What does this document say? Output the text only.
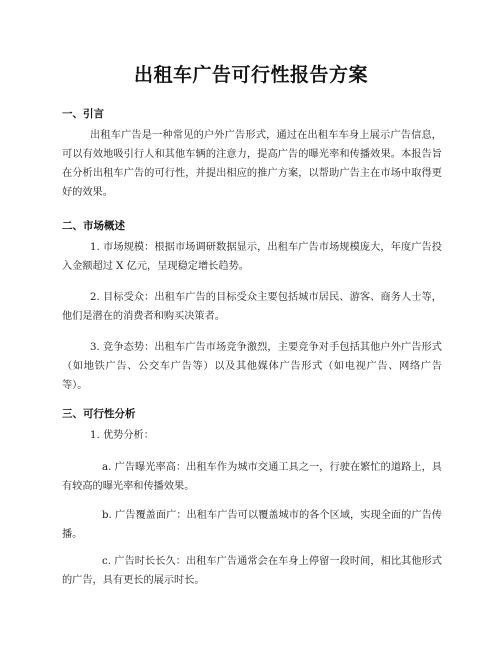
出租车广告可行性报告方案
一、引言
出租车广告是一种常见的户外广告形式，通过在出租车车身上展示广告信息，可以有效地吸引行人和其他车辆的注意力，提高广告的曝光率和传播效果。本报告旨在分析出租车广告的可行性，并提出相应的推广方案，以帮助广告主在市场中取得更好的效果。
二、市场概述
1. 市场规模：根据市场调研数据显示，出租车广告市场规模庞大，年度广告投入金额超过 X 亿元，呈现稳定增长趋势。
2. 目标受众：出租车广告的目标受众主要包括城市居民、游客、商务人士等，他们是潜在的消费者和购买决策者。
3. 竞争态势：出租车广告市场竞争激烈，主要竞争对手包括其他户外广告形式（如地铁广告、公交车广告等）以及其他媒体广告形式（如电视广告、网络广告等）。
三、可行性分析
1. 优势分析：
a. 广告曝光率高：出租车作为城市交通工具之一，行驶在繁忙的道路上，具有较高的曝光率和传播效果。
b. 广告覆盖面广：出租车广告可以覆盖城市的各个区域，实现全面的广告传播。
c. 广告时长长久：出租车广告通常会在车身上停留一段时间，相比其他形式的广告，具有更长的展示时长。
